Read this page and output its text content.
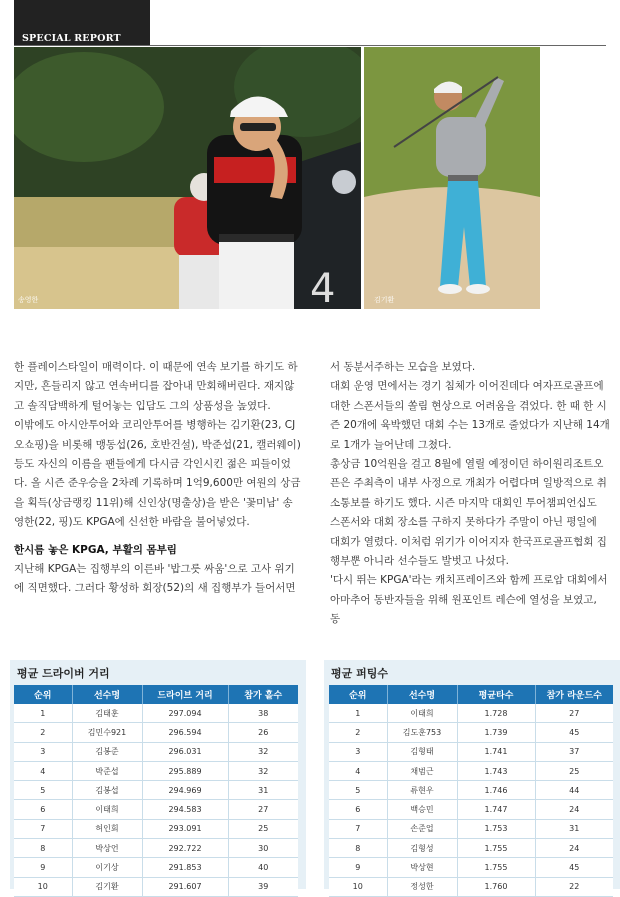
SPECIAL REPORT
4
송영한	김기환

한 플레이스타일이 매력이다. 이 때문에 연속 보기를 하기도 하지만, 흔들리지 않고 연속버디를 잡아내 만회해버린다. 재지않고 솔직담백하게 털어놓는 입담도 그의 상품성을 높였다.

이밖에도 아시안투어와 코리안투어를 병행하는 김기환(23, CJ오쇼핑)을 비롯해 맹동섭(26, 호반건설), 박준섭(21, 캘러웨이) 등도 자신의 이름을 팬들에게 다시금 각인시킨 젊은 피들이었다. 올 시즌 준우승을 2차례 기록하며 1억9,600만 여원의 상금을 획득(상금랭킹 11위)해 신인상(명출상)을 받은 '꽃미남' 송영한(22, 핑)도 KPGA에 신선한 바람을 불어넣었다.

한시름 놓은 KPGA, 부활의 몸부림

지난해 KPGA는 집행부의 이른바 '밥그릇 싸움'으로 고사 위기에 직면했다. 그러다 황성하 회장(52)의 새 집행부가 들어서면

서 동분서주하는 모습을 보였다.

대회 운영 면에서는 경기 침체가 이어진데다 여자프로골프에 대한 스폰서들의 쏠림 현상으로 어려움을 겪었다. 한 때 한 시즌 20개에 육박했던 대회 수는 13개로 줄었다가 지난해 14개로 1개가 늘어난데 그쳤다.

총상금 10억원을 걸고 8월에 열릴 예정이던 하이원리조트오픈은 주최측이 내부 사정으로 개최가 어렵다며 일방적으로 취소통보를 하기도 했다. 시즌 마지막 대회인 투어챔피언십도 스폰서와 대회 장소를 구하지 못하다가 주말이 아닌 평일에 대회가 열렸다. 이처럼 위기가 이어지자 한국프로골프협회 집행부뿐 아니라 선수들도 발벗고 나섰다.

'다시 뛰는 KPGA'라는 캐치프레이즈와 함께 프로암 대회에서 아마추어 동반자들을 위해 원포인트 레슨에 열성을 보였고, 동

평균 드라이버 거리
순위	선수명	드라이브 거리	참가 홀수
1	김태훈	297.094	38
2	김민수921	296.594	26
3	김봉준	296.031	32
4	박준섭	295.889	32
5	김봉섭	294.969	31
6	이태희	294.583	27
7	허인회	293.091	25
8	박상언	292.722	30
9	이기상	291.853	40
10	김기환	291.607	39
평균 퍼팅수
순위	선수명	평균타수	참가 라운드수
1	이태희	1.728	27
2	김도훈753	1.739	45
3	김형태	1.741	37
4	채범근	1.743	25
5	류현우	1.746	44
6	백승민	1.747	24
7	손준업	1.753	31
8	김형성	1.755	24
9	박상현	1.755	45
10	정성한	1.760	22
